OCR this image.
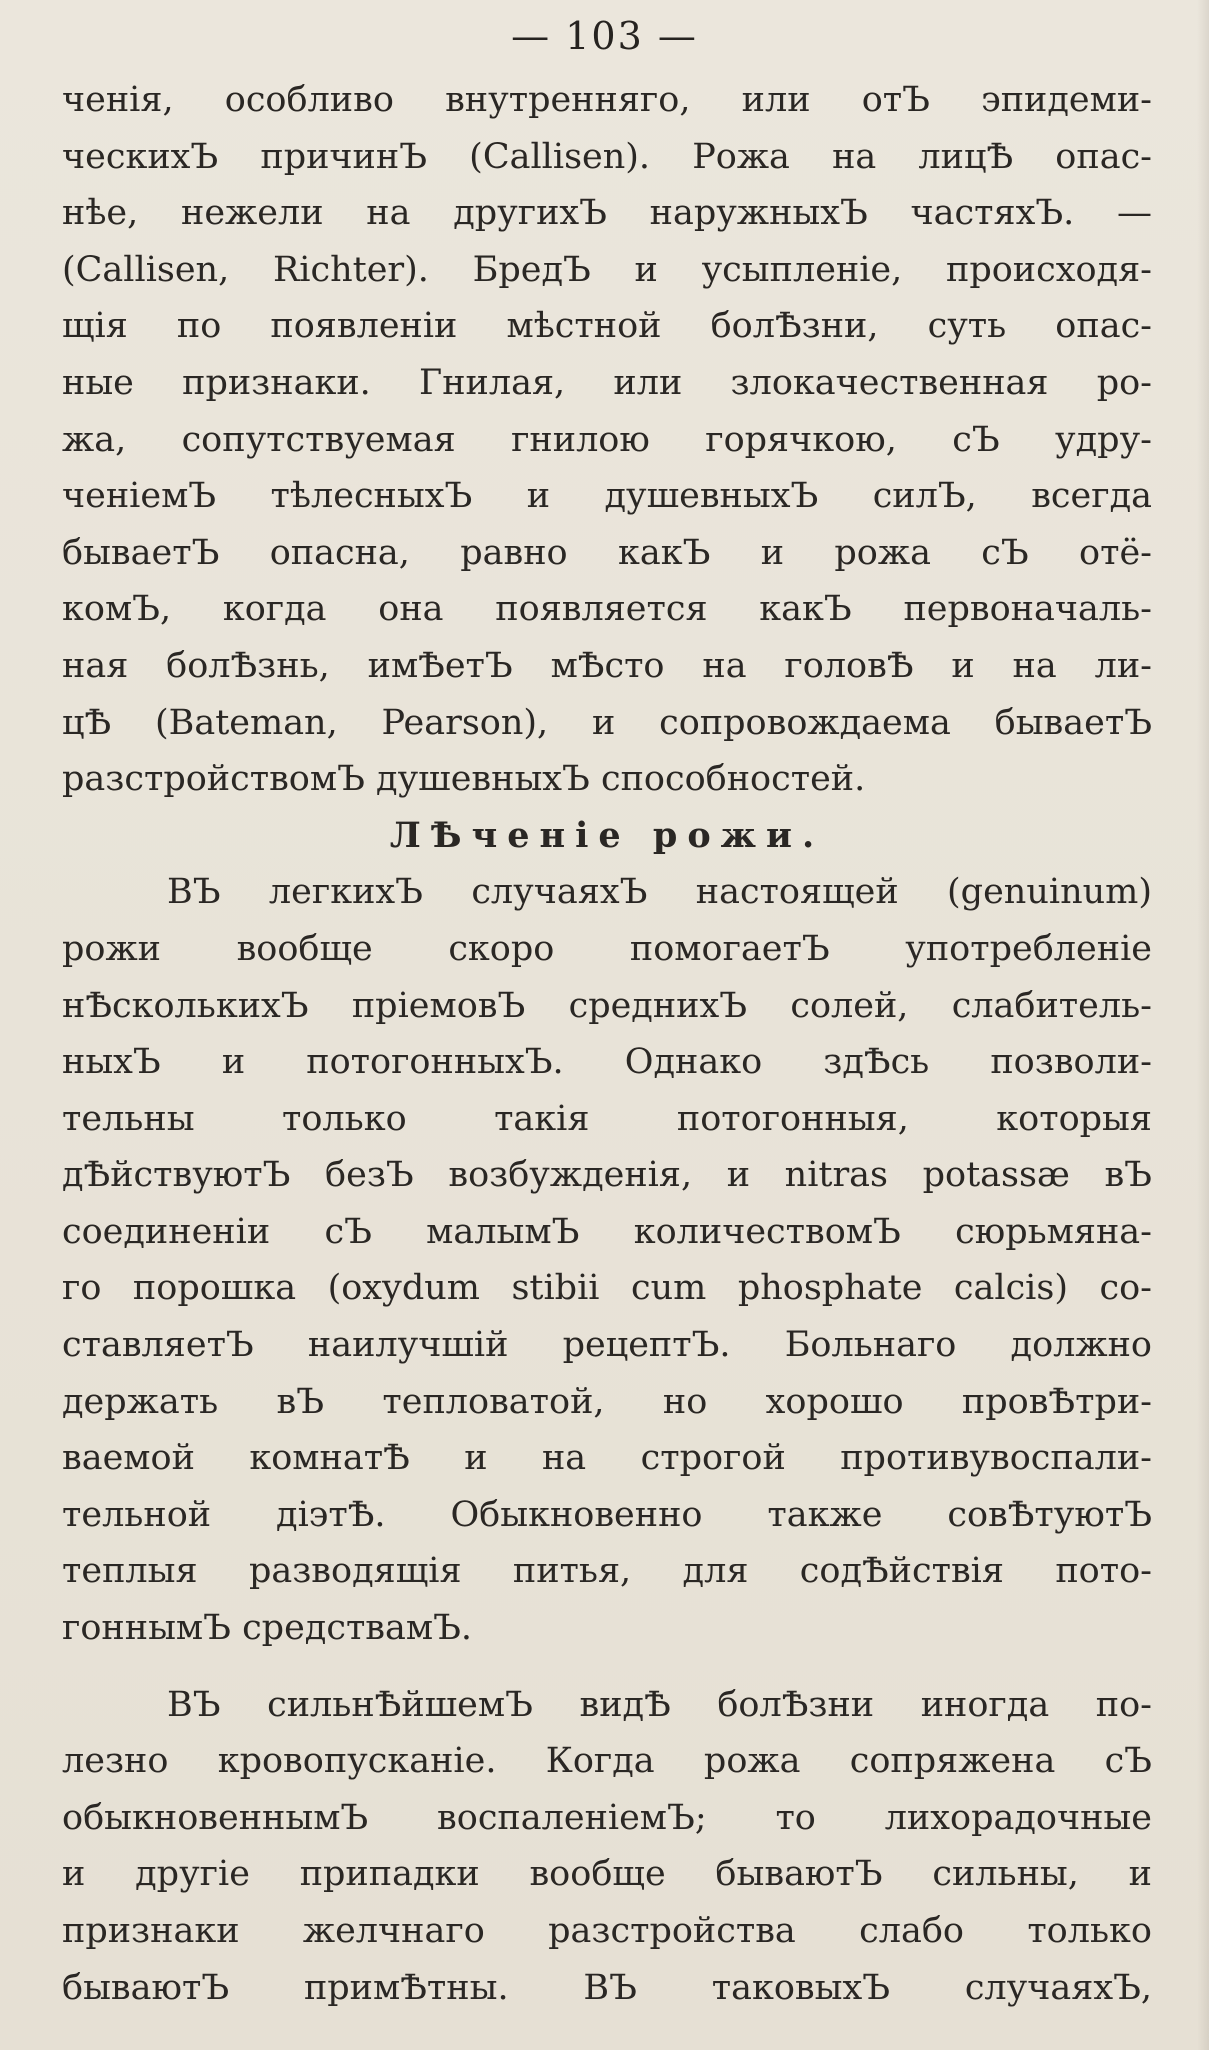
— 103 —
ченія, особливо внутренняго, или отЪ эпидеми-
ческихЪ причинЪ (Callisen). Рожа на лицѢ опас-
нѣе, нежели на другихЪ наружныхЪ частяхЪ. —
(Callisen, Richter). БредЪ и усыпленіе, происходя-
щія по появленіи мѣстной болѢзни, суть опас-
ные признаки. Гнилая, или злокачественная ро-
жа, сопутствуемая гнилою горячкою, сЪ удру-
ченіемЪ тѣлесныхЪ и душевныхЪ силЪ, всегда
бываетЪ опасна, равно какЪ и рожа сЪ отё-
комЪ, когда она появляется какЪ первоначаль-
ная болѢзнь, имѢетЪ мѢсто на головѢ и на ли-
цѢ (Bateman, Pearson), и сопровождаема бываетЪ
разстройствомЪ душевныхЪ способностей.
ЛѢченіе рожи.
ВЪ легкихЪ случаяхЪ настоящей (genuinum)
рожи вообще скоро помогаетЪ употребленіе
нѢсколькихЪ пріемовЪ среднихЪ солей, слабитель-
ныхЪ и потогонныхЪ. Однако здѢсь позволи-
тельны только такія потогонныя, которыя
дѢйствуютЪ безЪ возбужденія, и nitras potassæ вЪ
соединеніи сЪ малымЪ количествомЪ сюрьмяна-
го порошка (oxydum stibii cum phosphate calcis) со-
ставляетЪ наилучшій рецептЪ. Больнаго должно
держать вЪ тепловатой, но хорошо провѢтри-
ваемой комнатѢ и на строгой противувоспали-
тельной діэтѢ. Обыкновенно также совѢтуютЪ
теплыя разводящія питья, для содѢйствія пото-
гоннымЪ средствамЪ.
ВЪ сильнѢйшемЪ видѢ болѢзни иногда по-
лезно кровопусканіе. Когда рожа сопряжена сЪ
обыкновеннымЪ воспаленіемЪ; то лихорадочные
и другіе припадки вообще бываютЪ сильны, и
признаки желчнаго разстройства слабо только
бываютЪ примѢтны. ВЪ таковыхЪ случаяхЪ,
